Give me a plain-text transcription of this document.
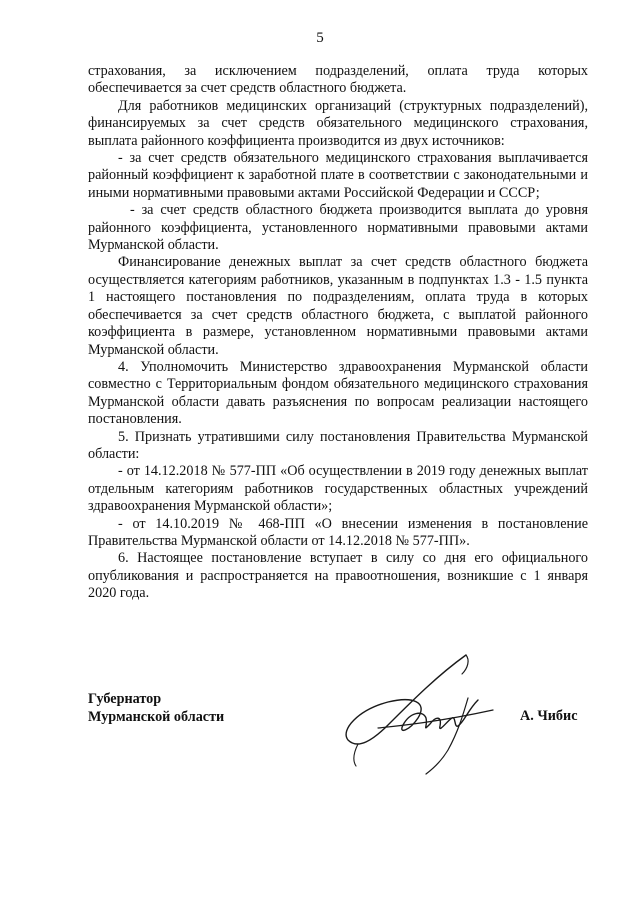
5

страхования, за исключением подразделений, оплата труда которых обеспечивается за счет средств областного бюджета.

Для работников медицинских организаций (структурных подразделений), финансируемых за счет средств обязательного медицинского страхования, выплата районного коэффициента производится из двух источников:

- за счет средств обязательного медицинского страхования выплачивается районный коэффициент к заработной плате в соответствии с законодательными и иными нормативными правовыми актами Российской Федерации и СССР;

- за счет средств областного бюджета производится выплата до уровня районного коэффициента, установленного нормативными правовыми актами Мурманской области.

Финансирование денежных выплат за счет средств областного бюджета осуществляется категориям работников, указанным в подпунктах 1.3 - 1.5 пункта 1 настоящего постановления по подразделениям, оплата труда в которых обеспечивается за счет средств областного бюджета, с выплатой районного коэффициента в размере, установленном нормативными правовыми актами Мурманской области.

4. Уполномочить Министерство здравоохранения Мурманской области совместно с Территориальным фондом обязательного медицинского страхования Мурманской области давать разъяснения по вопросам реализации настоящего постановления.

5. Признать утратившими силу постановления Правительства Мурманской области:

- от 14.12.2018 № 577-ПП «Об осуществлении в 2019 году денежных выплат отдельным категориям работников государственных областных учреждений здравоохранения Мурманской области»;

- от 14.10.2019 № 468-ПП «О внесении изменения в постановление Правительства Мурманской области от 14.12.2018 № 577-ПП».

6. Настоящее постановление вступает в силу со дня его официального опубликования и распространяется на правоотношения, возникшие с 1 января 2020 года.

Губернатор
Мурманской области	А. Чибис
